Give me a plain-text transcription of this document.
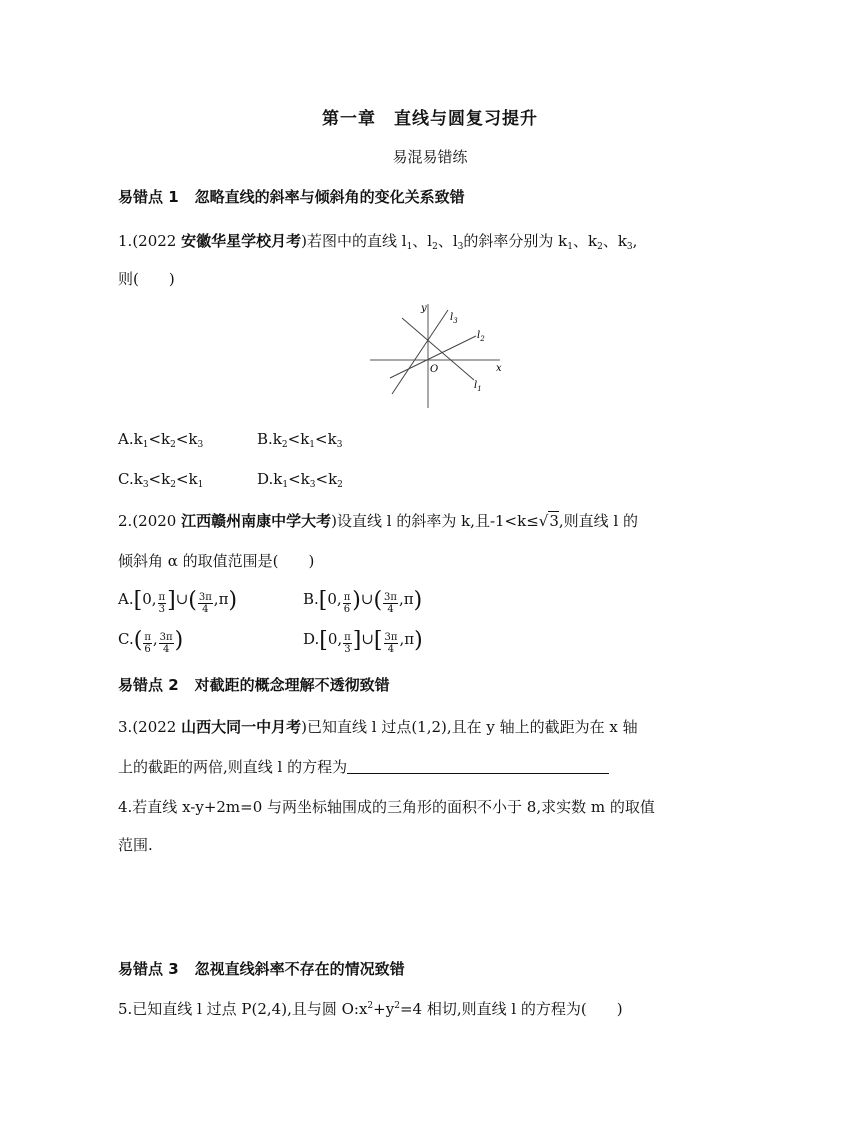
第一章　直线与圆复习提升
易混易错练
易错点 1 忽略直线的斜率与倾斜角的变化关系致错
1.(2022 安徽华星学校月考)若图中的直线 $l_1$、$l_2$、$l_3$的斜率分别为 $k_1$、$k_2$、$k_3$,
则(　　)
y
x
O
$l_3$
$l_2$
$l_1$
$A.k_1<k_2<k_3$	$B.k_2<k_1<k_3$
$C.k_3<k_2<k_1$	$D.k_1<k_3<k_2$
2.(2020 江西赣州南康中学大考)设直线 l 的斜率为 k,且-1<k≤√3,则直线 l 的
倾斜角 α 的取值范围是(　　)
A.[0, $\frac{\pi}{3}$ ]∪( $\frac{3\pi}{4} ,\pi$)	B.[0, $\frac{\pi}{6}$ )∪( $\frac{3\pi}{4} ,\pi$)
$C.( \frac{\pi}{6}$ , $\frac{3\pi}{4}$ )	D.[0, $\frac{\pi}{3}$ ]∪[ $\frac{3\pi}{4} ,\pi$)
易错点 2 对截距的概念理解不透彻致错
3.(2022 山西大同一中月考)已知直线 l 过点(1,2),且在 y 轴上的截距为在 x 轴
上的截距的两倍,则直线 l 的方程为
4.若直线 x-y+2m=0 与两坐标轴围成的三角形的面积不小于 8,求实数 m 的取值
范围.
易错点 3 忽视直线斜率不存在的情况致错
5.已知直线 l 过点 P(2,4),且与圆 $O:x^2+y^2=4$ 相切,则直线 l 的方程为(　　)
